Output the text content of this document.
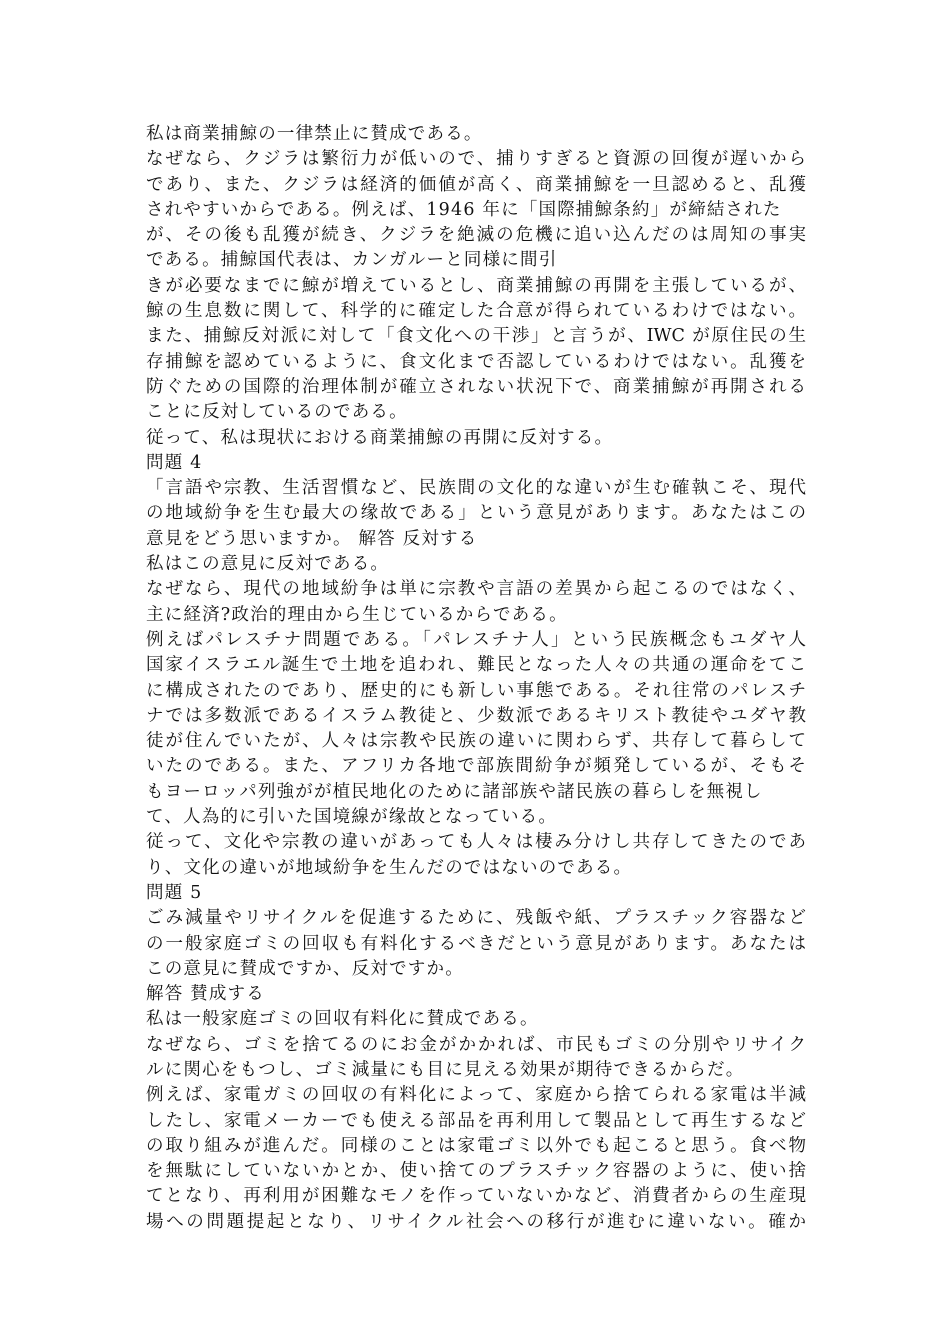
私は商業捕鯨の一律禁止に賛成である。
なぜなら、クジラは繁衍力が低いので、捕りすぎると資源の回復が遅いから
であり、また、クジラは経済的価値が高く、商業捕鯨を一旦認めると、乱獲
されやすいからである。例えば、1946 年に「国際捕鯨条約」が締結された
が、その後も乱獲が続き、クジラを絶滅の危機に追い込んだのは周知の事実
である。捕鯨国代表は、カンガルーと同様に間引
きが必要なまでに鯨が増えているとし、商業捕鯨の再開を主張しているが、
鯨の生息数に関して、科学的に確定した合意が得られているわけではない。
また、捕鯨反対派に対して「食文化への干渉」と言うが、IWC が原住民の生
存捕鯨を認めているように、食文化まで否認しているわけではない。乱獲を
防ぐための国際的治理体制が確立されない状況下で、商業捕鯨が再開される
ことに反対しているのである。
従って、私は現状における商業捕鯨の再開に反対する。
問題 4
「言語や宗教、生活習慣など、民族間の文化的な違いが生む確執こそ、現代
の地域紛争を生む最大の缘故である」という意見があります。あなたはこの
意見をどう思いますか。 解答 反対する
私はこの意見に反対である。
なぜなら、現代の地域紛争は単に宗教や言語の差異から起こるのではなく、
主に経済?政治的理由から生じているからである。
例えばパレスチナ問題である。「パレスチナ人」という民族概念もユダヤ人
国家イスラエル誕生で土地を追われ、難民となった人々の共通の運命をてこ
に構成されたのであり、歴史的にも新しい事態である。それ往常のパレスチ
ナでは多数派であるイスラム教徒と、少数派であるキリスト教徒やユダヤ教
徒が住んでいたが、人々は宗教や民族の違いに関わらず、共存して暮らして
いたのである。また、アフリカ各地で部族間紛争が頻発しているが、そもそ
もヨーロッパ列強がが植民地化のために諸部族や諸民族の暮らしを無視し
て、人為的に引いた国境線が缘故となっている。
従って、文化や宗教の違いがあっても人々は棲み分けし共存してきたのであ
り、文化の違いが地域紛争を生んだのではないのである。
問題 5
ごみ減量やリサイクルを促進するために、残飯や紙、プラスチック容器など
の一般家庭ゴミの回収も有料化するべきだという意見があります。あなたは
この意見に賛成ですか、反対ですか。
解答 賛成する
私は一般家庭ゴミの回収有料化に賛成である。
なぜなら、ゴミを捨てるのにお金がかかれば、市民もゴミの分別やリサイク
ルに関心をもつし、ゴミ減量にも目に見える効果が期待できるからだ。
例えば、家電ガミの回収の有料化によって、家庭から捨てられる家電は半減
したし、家電メーカーでも使える部品を再利用して製品として再生するなど
の取り組みが進んだ。同様のことは家電ゴミ以外でも起こると思う。食べ物
を無駄にしていないかとか、使い捨てのプラスチック容器のように、使い捨
てとなり、再利用が困難なモノを作っていないかなど、消費者からの生産現
場への問題提起となり、リサイクル社会への移行が進むに違いない。確か
